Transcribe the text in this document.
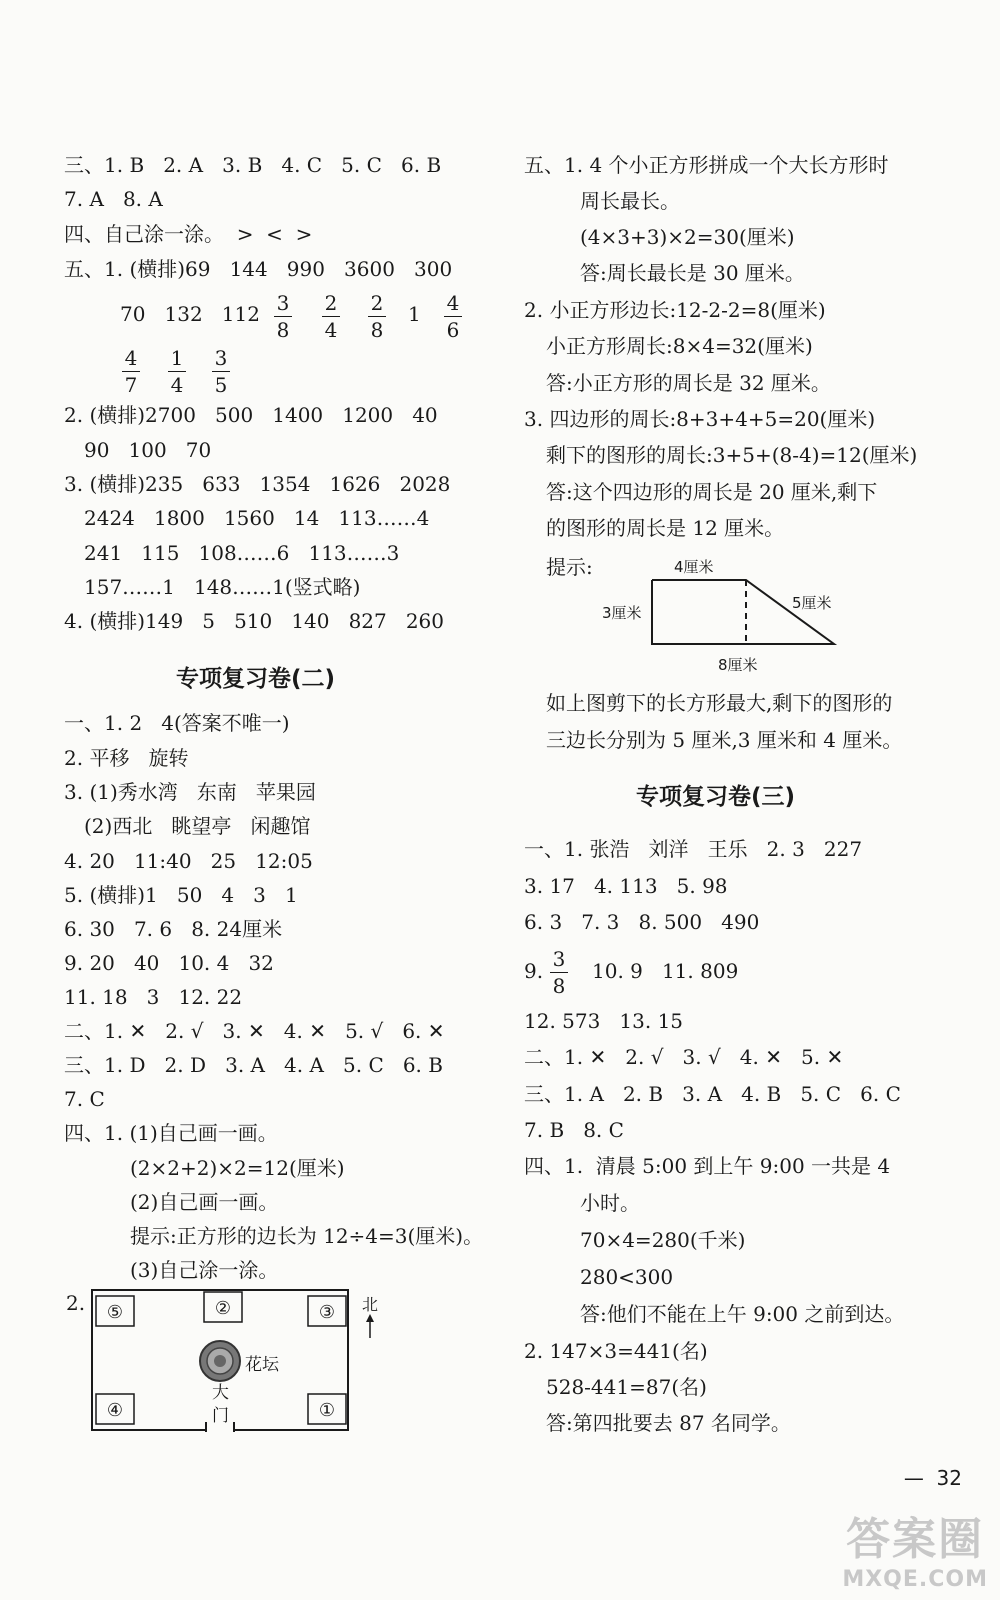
三、1. B   2. A   3. B   4. C   5. C   6. B
7. A   8. A
四、自己涂一涂。  >  <  >
五、1. (横排)69   144   990   3600   300
70   132   112 3
8
2
4
2
8
1 4
6
4
7
1
4
3
5
2. (横排)2700   500   1400   1200   40
90   100   70
3. (横排)235   633   1354   1626   2028
2424   1800   1560   14   113……4
241   115   108……6   113……3
157……1   148……1(竖式略)
4. (横排)149   5   510   140   827   260
专项复习卷(二)
一、1. 2   4(答案不唯一)
2. 平移   旋转
3. (1)秀水湾   东南   苹果园
(2)西北   眺望亭   闲趣馆
4. 20   11:40   25   12:05
5. (横排)1   50   4   3   1
6. 30   7. 6   8. 24厘米
9. 20   40   10. 4   32
11. 18   3   12. 22
二、1. ✕   2. √   3. ✕   4. ✕   5. √   6. ✕
三、1. D   2. D   3. A   4. A   5. C   6. B
7. C
四、1. (1)自己画一画。
(2×2+2)×2=12(厘米)
(2)自己画一画。
提示:正方形的边长为 12÷4=3(厘米)。
(3)自己涂一涂。
2. ⑤	②	③
④	①
花坛
大
门
北
五、1. 4 个小正方形拼成一个大长方形时
周长最长。
(4×3+3)×2=30(厘米)
答:周长最长是 30 厘米。
2. 小正方形边长:12-2-2=8(厘米)
小正方形周长:8×4=32(厘米)
答:小正方形的周长是 32 厘米。
3. 四边形的周长:8+3+4+5=20(厘米)
剩下的图形的周长:3+5+(8-4)=12(厘米)
答:这个四边形的周长是 20 厘米,剩下
的图形的周长是 12 厘米。
提示:	4厘米
3厘米
5厘米
8厘米
如上图剪下的长方形最大,剩下的图形的
三边长分别为 5 厘米,3 厘米和 4 厘米。
专项复习卷(三)
一、1. 张浩   刘洋   王乐   2. 3   227
3. 17   4. 113   5. 98
6. 3   7. 3   8. 500   490
9. 3
8
10. 9   11. 809
12. 573   13. 15
二、1. ✕   2. √   3. √   4. ✕   5. ✕
三、1. A   2. B   3. A   4. B   5. C   6. C
7. B   8. C
四、1.  清晨 5:00 到上午 9:00 一共是 4
小时。
70×4=280(千米)
280<300
答:他们不能在上午 9:00 之前到达。
2. 147×3=441(名)
528-441=87(名)
答:第四批要去 87 名同学。
—  32
答案圈
MXQE.COM
